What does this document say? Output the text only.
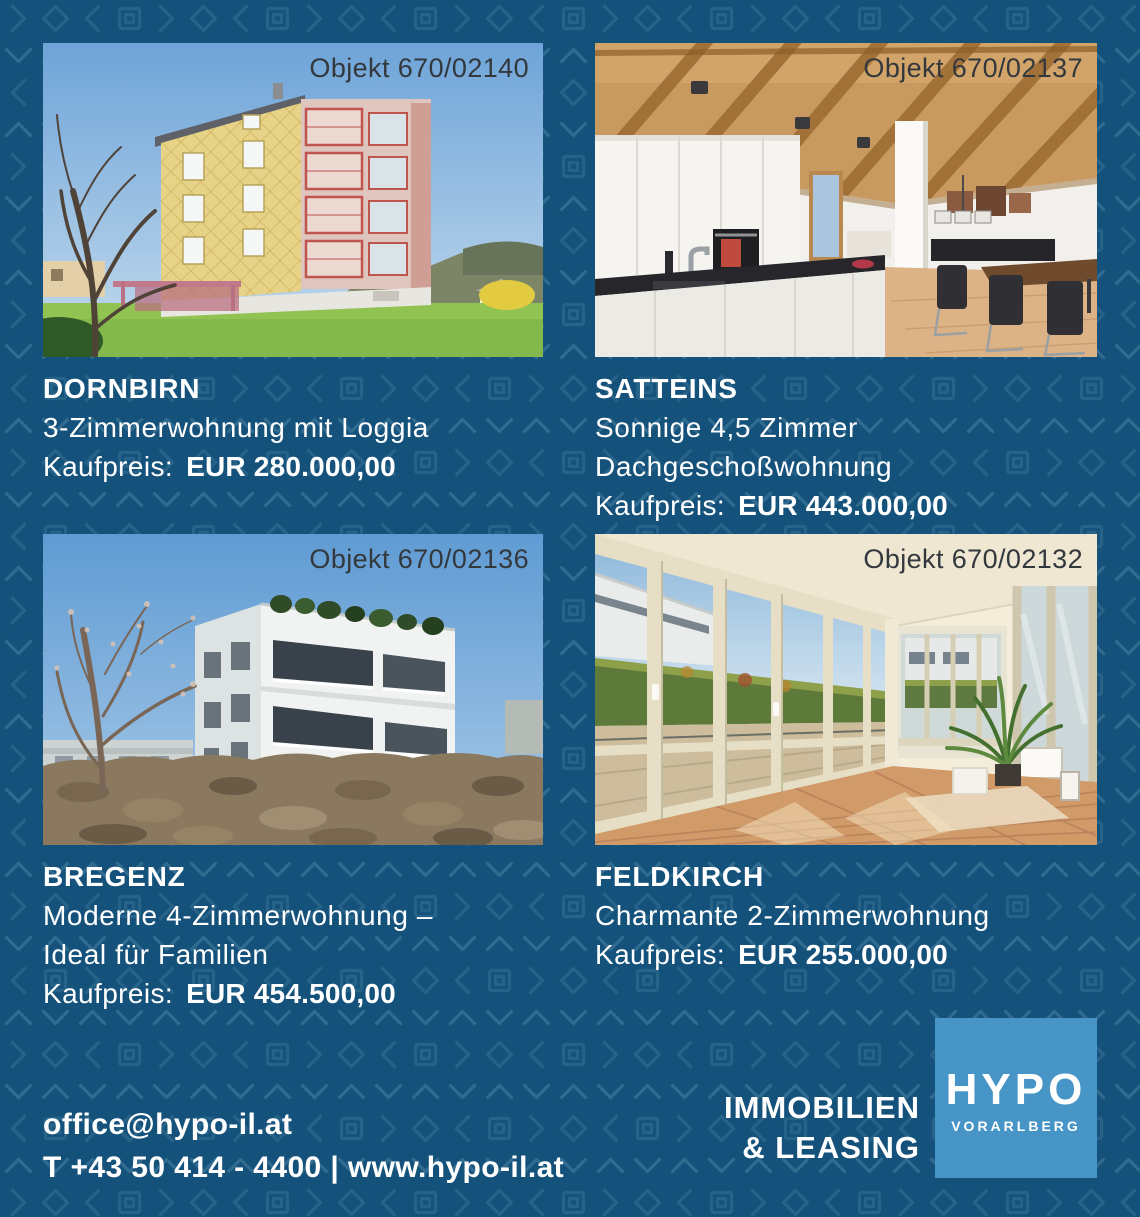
Objekt 670/02140
DORNBIRN

3-Zimmerwohnung mit Loggia

Kaufpreis: EUR 280.000,00

Objekt 670/02137
SATTEINS

Sonnige 4,5 Zimmer

Dachgeschoßwohnung

Kaufpreis: EUR 443.000,00

Objekt 670/02136
BREGENZ

Moderne 4-Zimmerwohnung –

Ideal für Familien

Kaufpreis: EUR 454.500,00

Objekt 670/02132
FELDKIRCH

Charmante 2-Zimmerwohnung

Kaufpreis: EUR 255.000,00

office@hypo-il.at
T +43 50 414 - 4400 | www.hypo-il.at
IMMOBILIEN
& LEASING
HYPO
VORARLBERG
